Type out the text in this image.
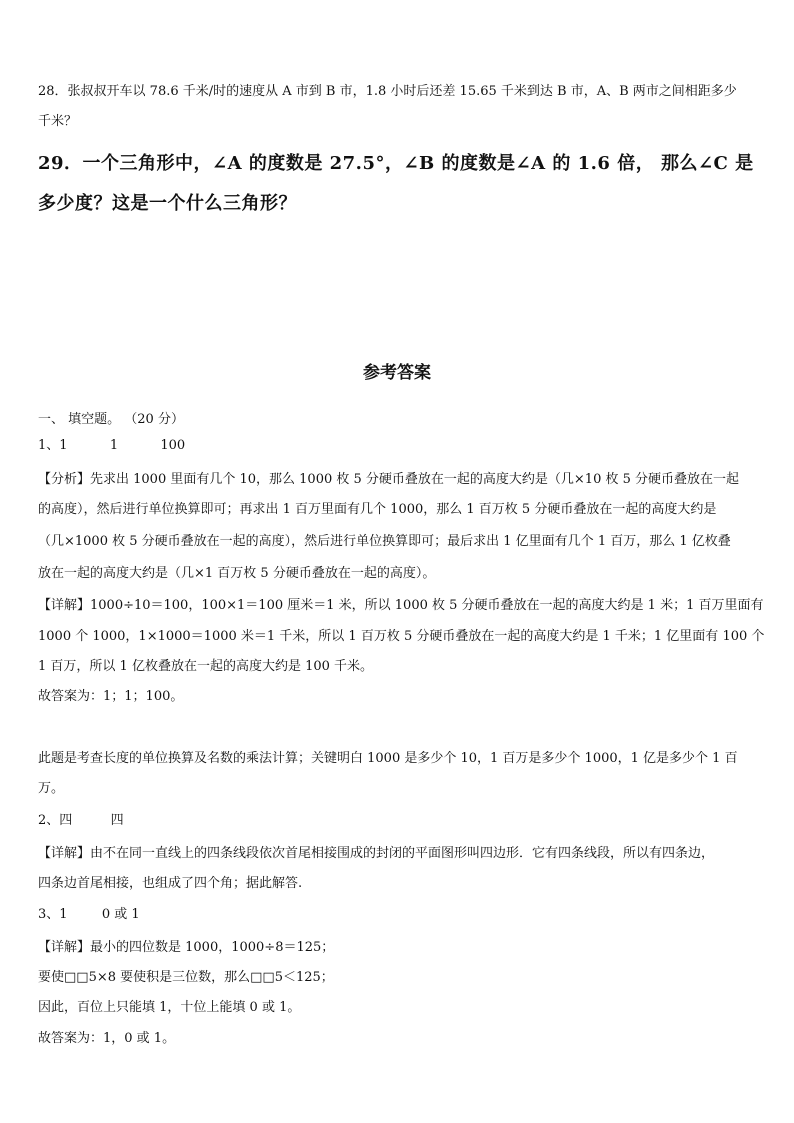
28．张叔叔开车以 78.6 千米/时的速度从 A 市到 B 市，1.8 小时后还差 15.65 千米到达 B 市，A、B 两市之间相距多少
千米？
29．一个三角形中，∠A 的度数是 27.5°，∠B 的度数是∠A 的 1.6 倍， 那么∠C 是
多少度？这是一个什么三角形？
参考答案
一、 填空题。 （20 分）
1、1	1	100
【分析】先求出 1000 里面有几个 10，那么 1000 枚 5 分硬币叠放在一起的高度大约是（几×10 枚 5 分硬币叠放在一起
的高度），然后进行单位换算即可；再求出 1 百万里面有几个 1000，那么 1 百万枚 5 分硬币叠放在一起的高度大约是
（几×1000 枚 5 分硬币叠放在一起的高度），然后进行单位换算即可；最后求出 1 亿里面有几个 1 百万，那么 1 亿枚叠
放在一起的高度大约是（几×1 百万枚 5 分硬币叠放在一起的高度）。
【详解】1000÷10＝100，100×1＝100 厘米＝1 米，所以 1000 枚 5 分硬币叠放在一起的高度大约是 1 米；1 百万里面有
1000 个 1000，1×1000＝1000 米＝1 千米，所以 1 百万枚 5 分硬币叠放在一起的高度大约是 1 千米；1 亿里面有 100 个
1 百万，所以 1 亿枚叠放在一起的高度大约是 100 千米。
故答案为：1；1；100。
此题是考查长度的单位换算及名数的乘法计算；关键明白 1000 是多少个 10，1 百万是多少个 1000，1 亿是多少个 1 百
万。
2、四	四
【详解】由不在同一直线上的四条线段依次首尾相接围成的封闭的平面图形叫四边形．它有四条线段，所以有四条边，
四条边首尾相接，也组成了四个角；据此解答.
3、1	0 或 1
【详解】最小的四位数是 1000，1000÷8＝125；
要使□□5×8 要使积是三位数，那么□□5＜125；
因此，百位上只能填 1，十位上能填 0 或 1。
故答案为：1，0 或 1。
